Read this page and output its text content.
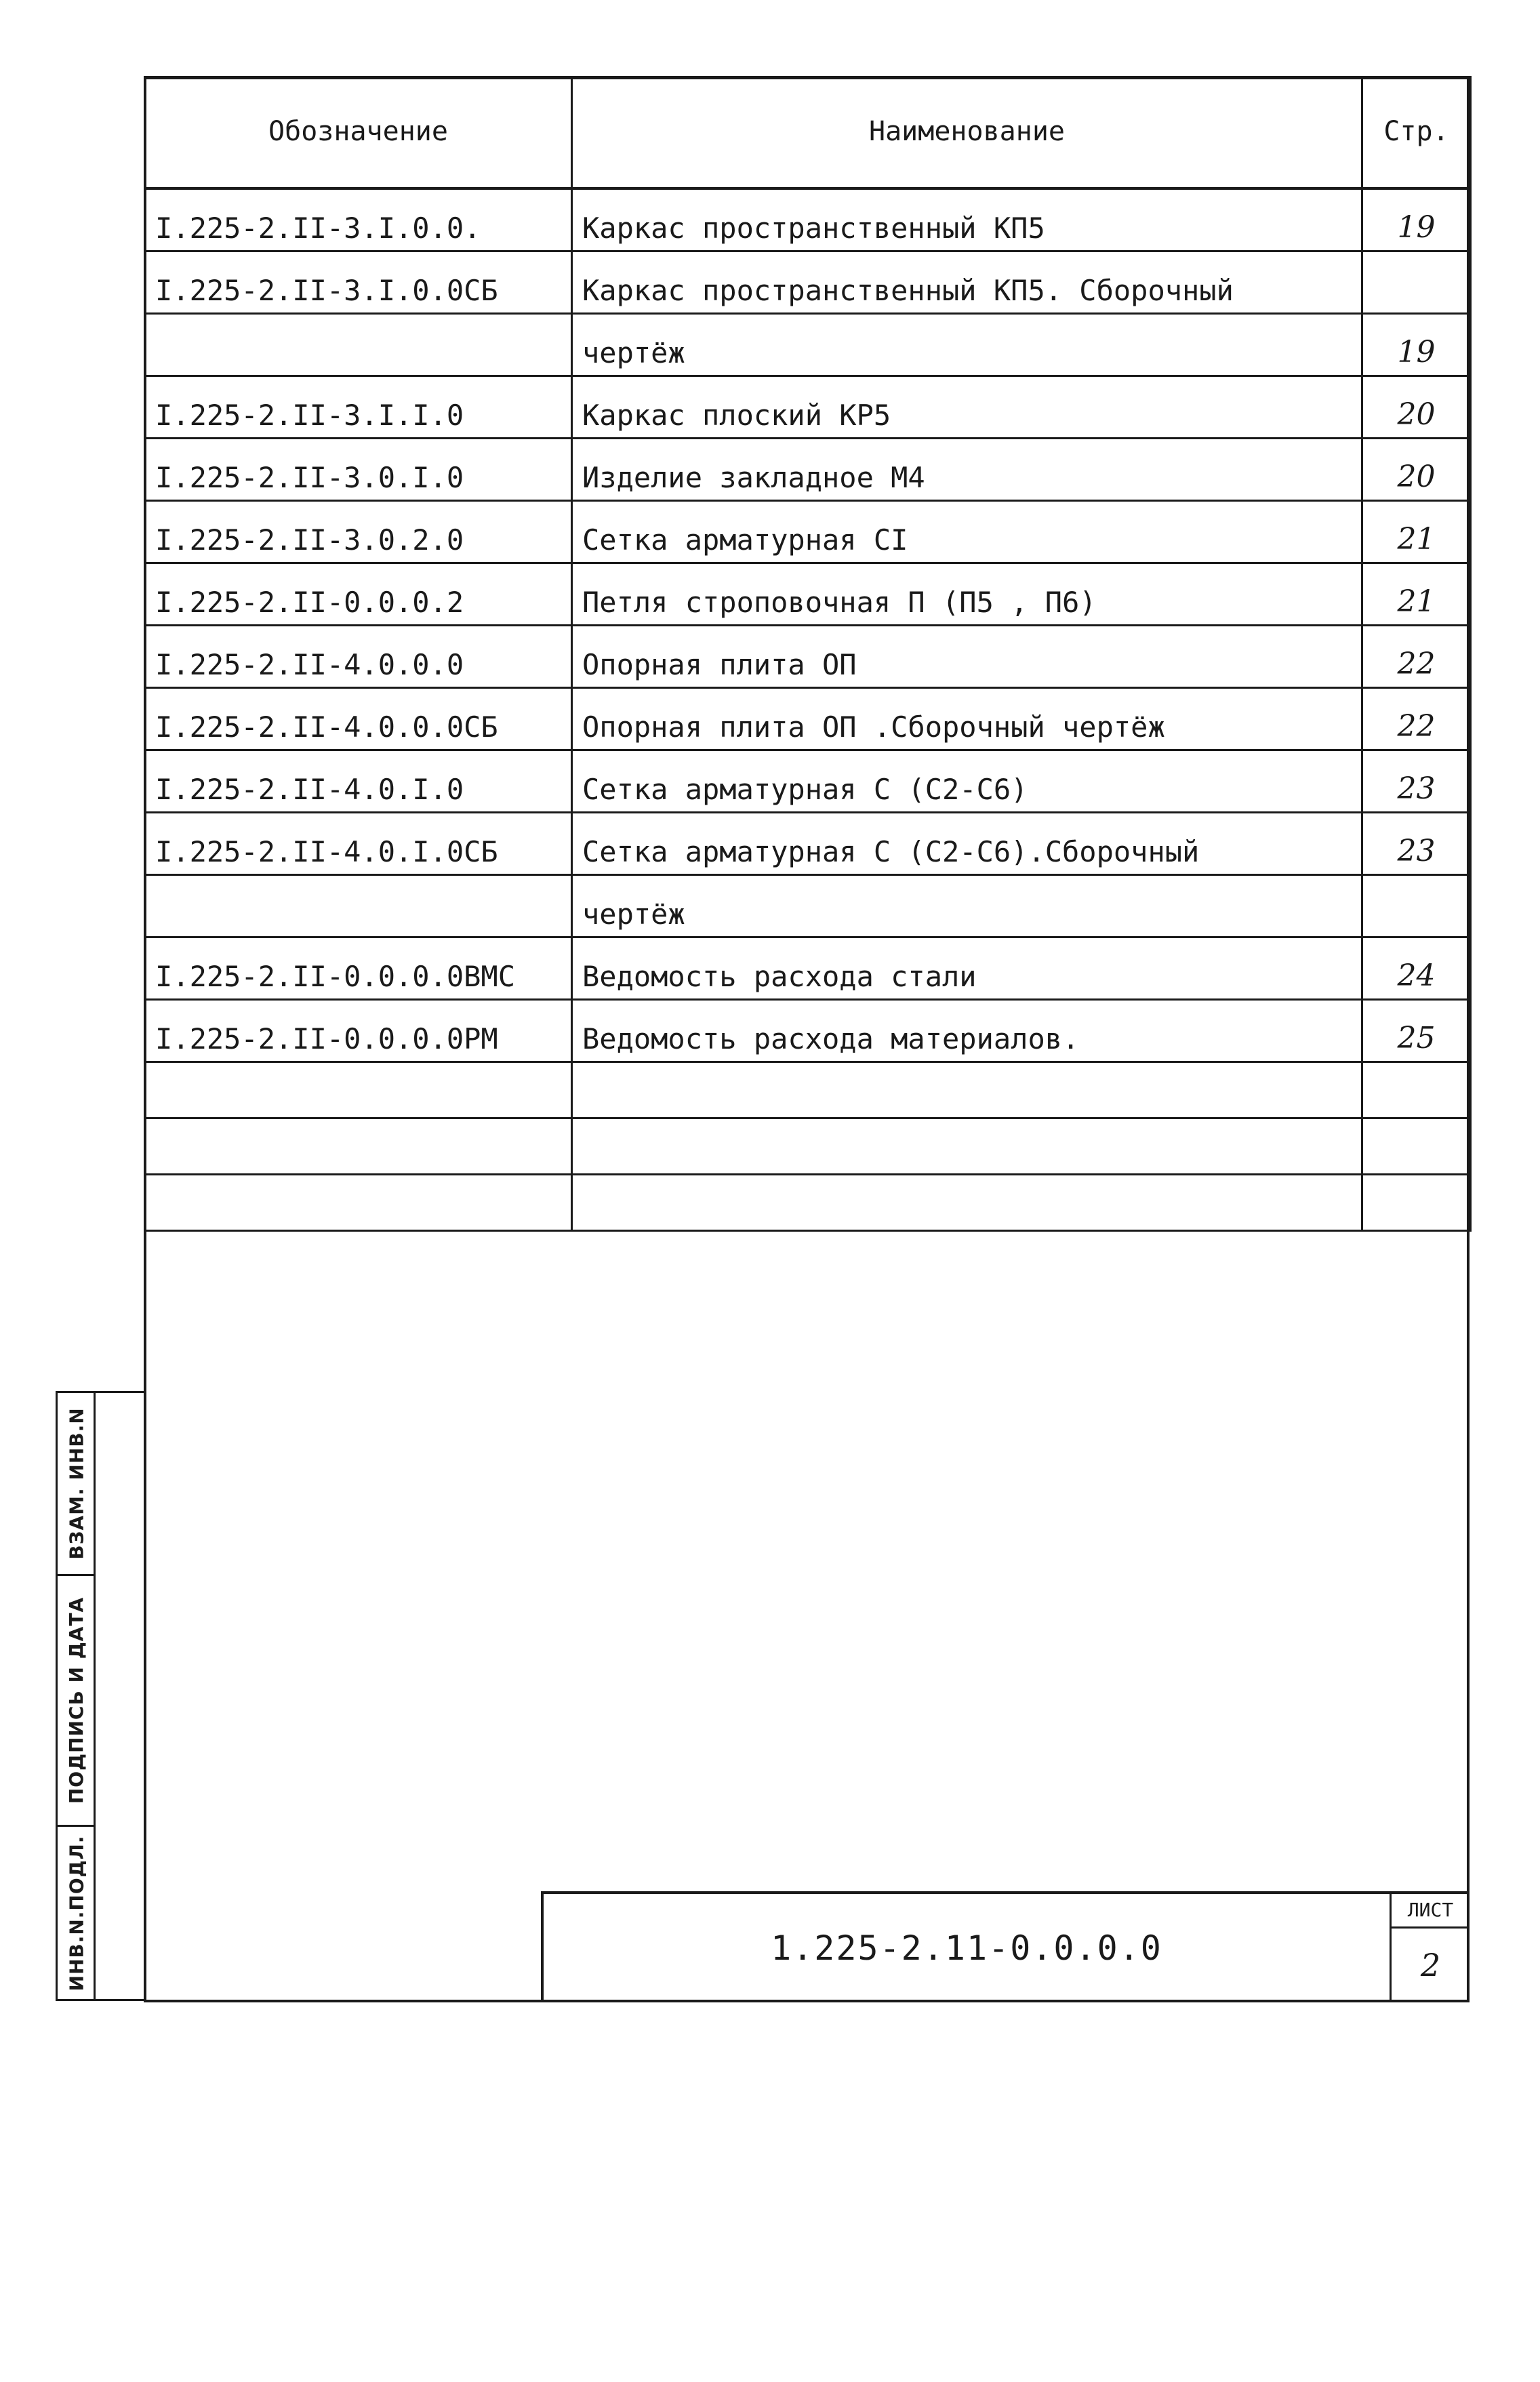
Обозначение	Наименование	Стр.
I.225-2.II-3.I.0.0.	Каркас пространственный КП5	19
I.225-2.II-3.I.0.0СБ	Каркас пространственный КП5. Сборочный	
	чертёж	19
I.225-2.II-3.I.I.0	Каркас плоский КР5	20
I.225-2.II-3.0.I.0	Изделие закладное М4	20
I.225-2.II-3.0.2.0	Сетка арматурная СI	21
I.225-2.II-0.0.0.2	Петля строповочная П (П5 , П6)	21
I.225-2.II-4.0.0.0	Опорная плита ОП	22
I.225-2.II-4.0.0.0СБ	Опорная плита ОП .Сборочный чертёж	22
I.225-2.II-4.0.I.0	Сетка арматурная С (С2-С6)	23
I.225-2.II-4.0.I.0СБ	Сетка арматурная С (С2-С6).Сборочный	23
	чертёж	
I.225-2.II-0.0.0.0ВМС	Ведомость расхода стали	24
I.225-2.II-0.0.0.0РМ	Ведомость расхода материалов.	25

ВЗАМ. ИНВ.N
ПОДПИСЬ И ДАТА
ИНВ.N.ПОДЛ.	1.225-2.11-0.0.0.0
ЛИСТ
2
